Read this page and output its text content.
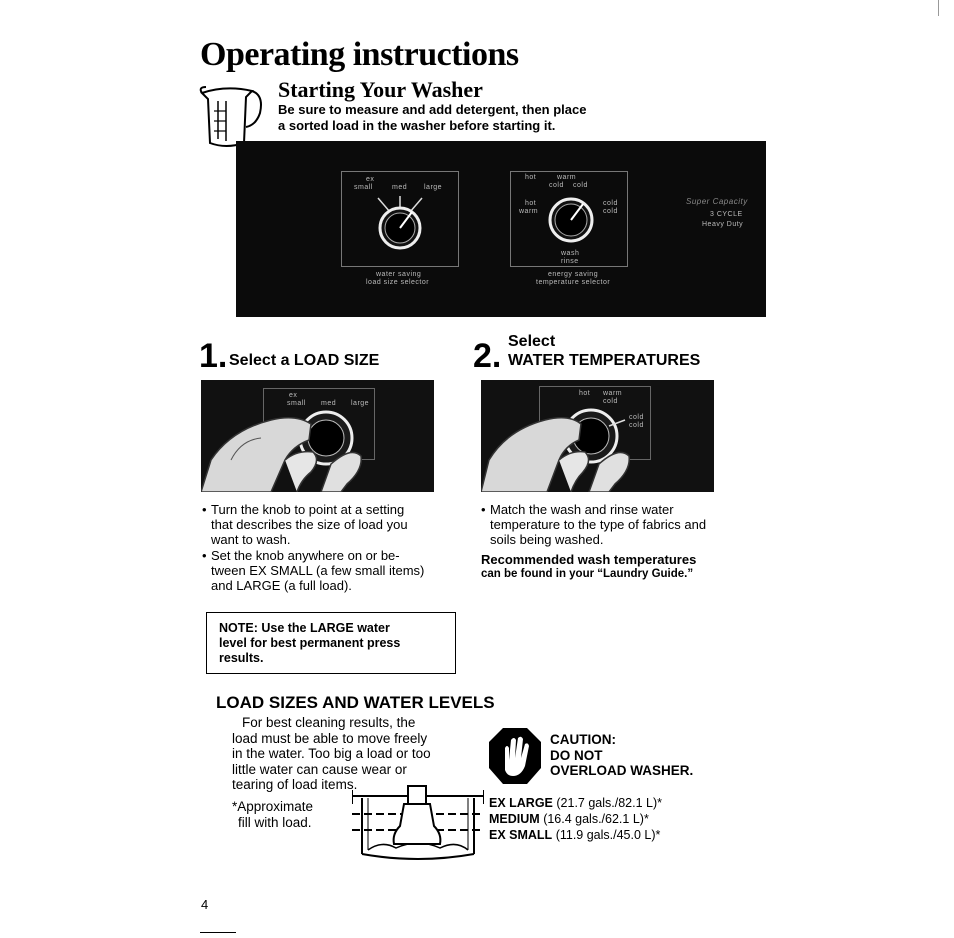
Operating instructions
Starting Your Washer
Be sure to measure and add detergent, then place
a sorted load in the washer before starting it.
ex
small	med large
water saving
load size selector
hot	warm
cold cold
hot
warm
cold
cold
wash
rinse
energy saving
temperature selector
Super Capacity
3 CYCLE
Heavy Duty
1. Select a LOAD SIZE
ex
small med large
• Turn the knob to point at a setting
that describes the size of load you
want to wash.
• Set the knob anywhere on or be-
tween EX SMALL (a few small items)
and LARGE (a full load).
2. Select
WATER TEMPERATURES
hot warm
cold
cold
cold
• Match the wash and rinse water
temperature to the type of fabrics and
soils being washed.
Recommended wash temperatures
can be found in your “Laundry Guide.”
NOTE: Use the LARGE water
level for best permanent press
results.
LOAD SIZES AND WATER LEVELS
For best cleaning results, the
load must be able to move freely
in the water. Too big a load or too
little water can cause wear or
tearing of load items.
*Approximate
fill with load.
CAUTION:
DO NOT
OVERLOAD WASHER.
EX LARGE (21.7 gals./82.1 L)*
MEDIUM (16.4 gals./62.1 L)*
EX SMALL (11.9 gals./45.0 L)*
4
